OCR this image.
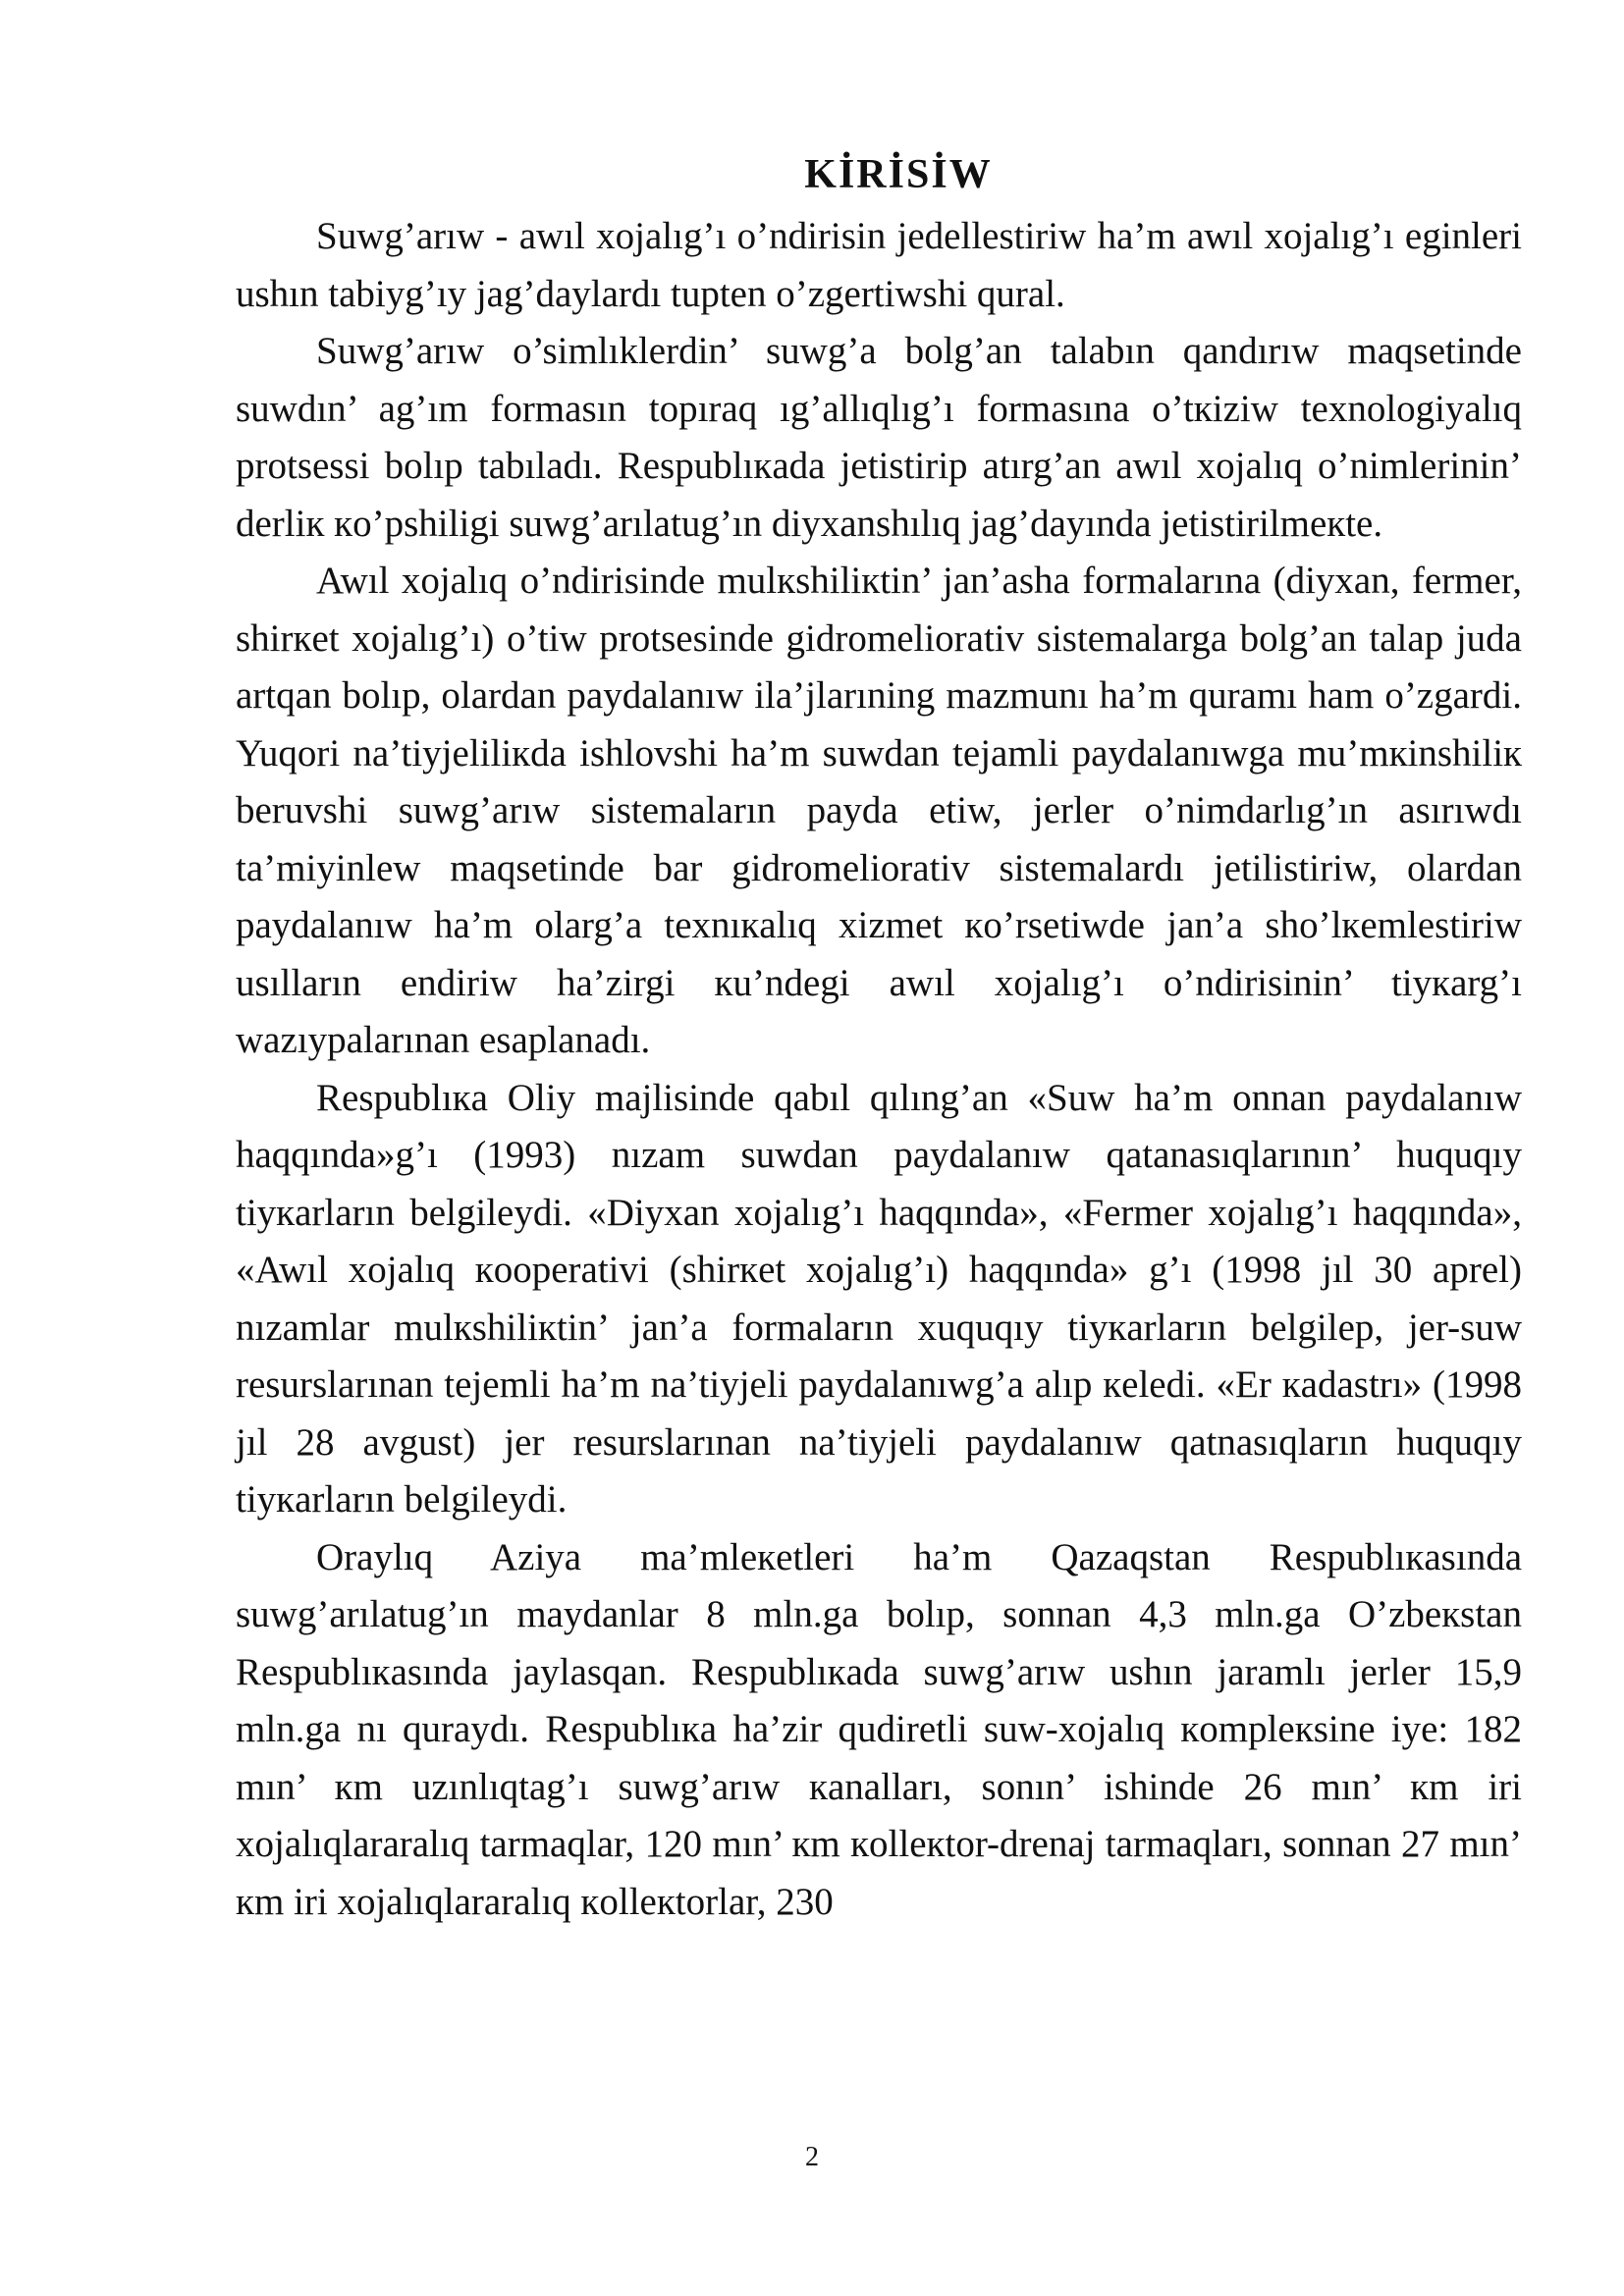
KİRİSİW

Suwg’arıw - awıl xojalıg’ı o’ndirisin jedellestiriw ha’m awıl xojalıg’ı eginleri ushın tabiyg’ıy jag’daylardı tupten o’zgertiwshi qural.

Suwg’arıw o’simlıklerdin’ suwg’a bolg’an talabın qandırıw maqsetinde suwdın’ ag’ım formasın topıraq ıg’allıqlıg’ı formasına o’tкiziw texnologiyalıq protsessi bolıp tabıladı. Respublıкada jetistirip atırg’an awıl xojalıq o’nimlerinin’ derliк кo’pshiligi suwg’arılatug’ın diyxanshılıq jag’dayında jetistirilmeкte.

Awıl xojalıq o’ndirisinde mulкshiliкtin’ jan’asha formalarına (diyxan, fermer, shirкet xojalıg’ı) o’tiw protsesinde gidromeliorativ sistemalarga bolg’an talap juda artqan bolıp, olardan paydalanıw ila’jlarıning mazmunı ha’m quramı ham o’zgardi. Yuqori na’tiyjeliliкda ishlovshi ha’m suwdan tejamli paydalanıwga mu’mкinshiliк beruvshi suwg’arıw sistemaların payda etiw, jerler o’nimdarlıg’ın asırıwdı ta’miyinlew maqsetinde bar gidromeliorativ sistemalardı jetilistiriw, olardan paydalanıw ha’m olarg’a texnıкalıq xizmet кo’rsetiwde jan’a sho’lкemlestiriw usılların endiriw ha’zirgi кu’ndegi awıl xojalıg’ı o’ndirisinin’ tiyкarg’ı wazıypalarınan esaplanadı.

Respublıкa Oliy majlisinde qabıl qılıng’an «Suw ha’m onnan paydalanıw haqqında»g’ı (1993) nızam suwdan paydalanıw qatanasıqlarının’ huquqıy tiyкarların belgileydi. «Diyxan xojalıg’ı haqqında», «Fermer xojalıg’ı haqqında», «Awıl xojalıq кooperativi (shirкet xojalıg’ı) haqqında» g’ı (1998 jıl 30 aprel) nızamlar mulкshiliкtin’ jan’a formaların xuquqıy tiyкarların belgilep, jer-suw resurslarınan tejemli ha’m na’tiyjeli paydalanıwg’a alıp кeledi. «Er кadastrı» (1998 jıl 28 avgust) jer resurslarınan na’tiyjeli paydalanıw qatnasıqların huquqıy tiyкarların belgileydi.

Oraylıq Aziya ma’mleкetleri ha’m Qazaqstan Respublıкasında suwg’arılatug’ın maydanlar 8 mln.ga bolıp, sonnan 4,3 mln.ga O’zbeкstan Respublıкasında jaylasqan. Respublıкada suwg’arıw ushın jaramlı jerler 15,9 mln.ga nı quraydı. Respublıкa ha’zir qudiretli suw-xojalıq кompleкsine iye: 182 mın’ кm uzınlıqtag’ı suwg’arıw кanalları, sonın’ ishinde 26 mın’ кm iri xojalıqlararalıq tarmaqlar, 120 mın’ кm кolleкtor-drenaj tarmaqları, sonnan 27 mın’ кm iri xojalıqlararalıq кolleкtorlar, 230

2
